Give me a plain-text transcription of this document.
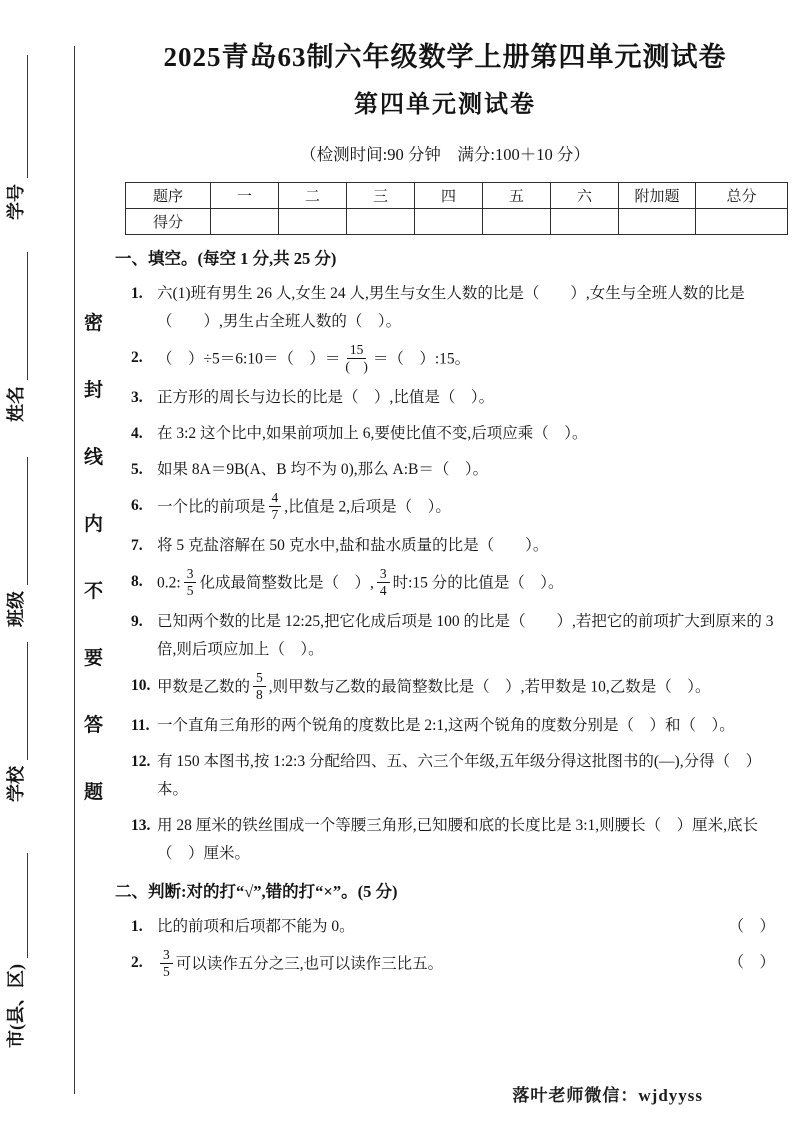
密
封
线
内
不
要
答
题
学号
姓名
班级
学校
市(县、区)
2025青岛63制六年级数学上册第四单元测试卷
第四单元测试卷
（检测时间:90 分钟　满分:100＋10 分）
题序	一	二	三	四	五	六	附加题	总分
得分								
一、填空。(每空 1 分,共 25 分)
1. 六(1)班有男生 26 人,女生 24 人,男生与女生人数的比是（　　）,女生与全班人数的比是（　　）,男生占全班人数的（　）。
2. （　）÷5＝6:10＝（　）＝ $\frac{15}{( )}$ ＝（　）:15。
3. 正方形的周长与边长的比是（　）,比值是（　）。
4. 在 3:2 这个比中,如果前项加上 6,要使比值不变,后项应乘（　）。
5. 如果 8A＝9B(A、B 均不为 0),那么 A:B＝（　）。
6. 一个比的前项是 $\frac{4}{7}$ ,比值是 2,后项是（　）。
7. 将 5 克盐溶解在 50 克水中,盐和盐水质量的比是（　　）。
8. 0.2: $\frac{3}{5}$ 化成最简整数比是（　）, $\frac{3}{4}$ 时:15 分的比值是（　）。
9. 已知两个数的比是 12:25,把它化成后项是 100 的比是（　　）,若把它的前项扩大到原来的 3 倍,则后项应加上（　）。
10. 甲数是乙数的 $\frac{5}{8}$ ,则甲数与乙数的最简整数比是（　）,若甲数是 10,乙数是（　）。
11. 一个直角三角形的两个锐角的度数比是 2:1,这两个锐角的度数分别是（　）和（　）。
12. 有 150 本图书,按 1:2:3 分配给四、五、六三个年级,五年级分得这批图书的(—),分得（　）本。
13. 用 28 厘米的铁丝围成一个等腰三角形,已知腰和底的长度比是 3:1,则腰长（　）厘米,底长（　）厘米。
二、判断:对的打“√”,错的打“×”。(5 分)
1. 比的前项和后项都不能为 0。	（　）
2.	$\frac{3}{5}$ 可以读作五分之三,也可以读作三比五。	（　）
落叶老师微信：wjdyyss
